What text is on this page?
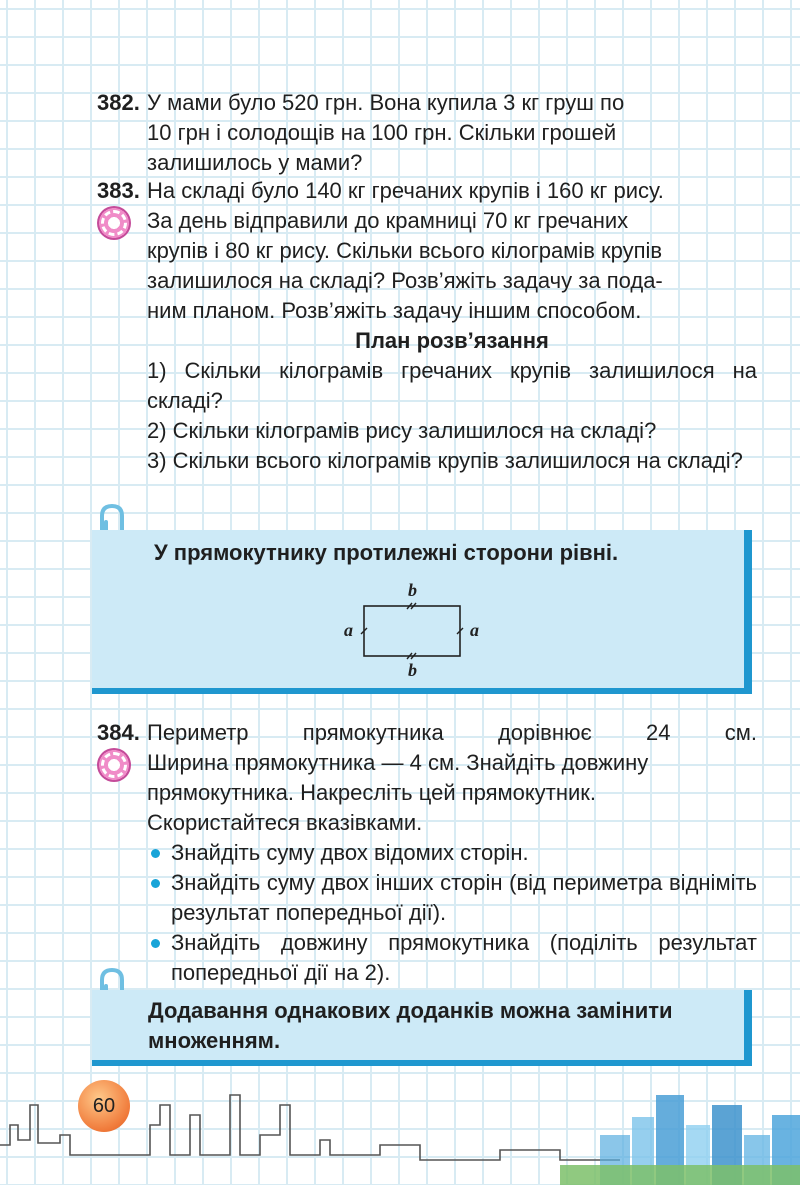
382. У мами було 520 грн. Вона купила 3 кг груш по

10 грн і солодощів на 100 грн. Скільки грошей

залишилось у мами?

383. На складі було 140 кг гречаних крупів і 160 кг рису.

За день відправили до крамниці 70 кг гречаних

крупів і 80 кг рису. Скільки всього кілограмів крупів

залишилося на складі? Розв’яжіть задачу за пода-

ним планом. Розв’яжіть задачу іншим способом.

План розв’язання

1) Скільки кілограмів гречаних крупів залишилося на складі?

2) Скільки кілограмів рису залишилося на складі?

3) Скільки всього кілограмів крупів залишилося на складі?

У прямокутнику протилежні сторони рівні.
b
b
a	a
384. Периметр прямокутника дорівнює 24 см.

Ширина прямокутника — 4 см. Знайдіть довжину

прямокутника. Накресліть цей прямокутник.

Скористайтеся вказівками.

Знайдіть суму двох відомих сторін.
Знайдіть суму двох інших сторін (від периметра відніміть результат попередньої дії).
Знайдіть довжину прямокутника (поділіть результат попередньої дії на 2).
Додавання однакових доданків можна замінити множенням.
60
